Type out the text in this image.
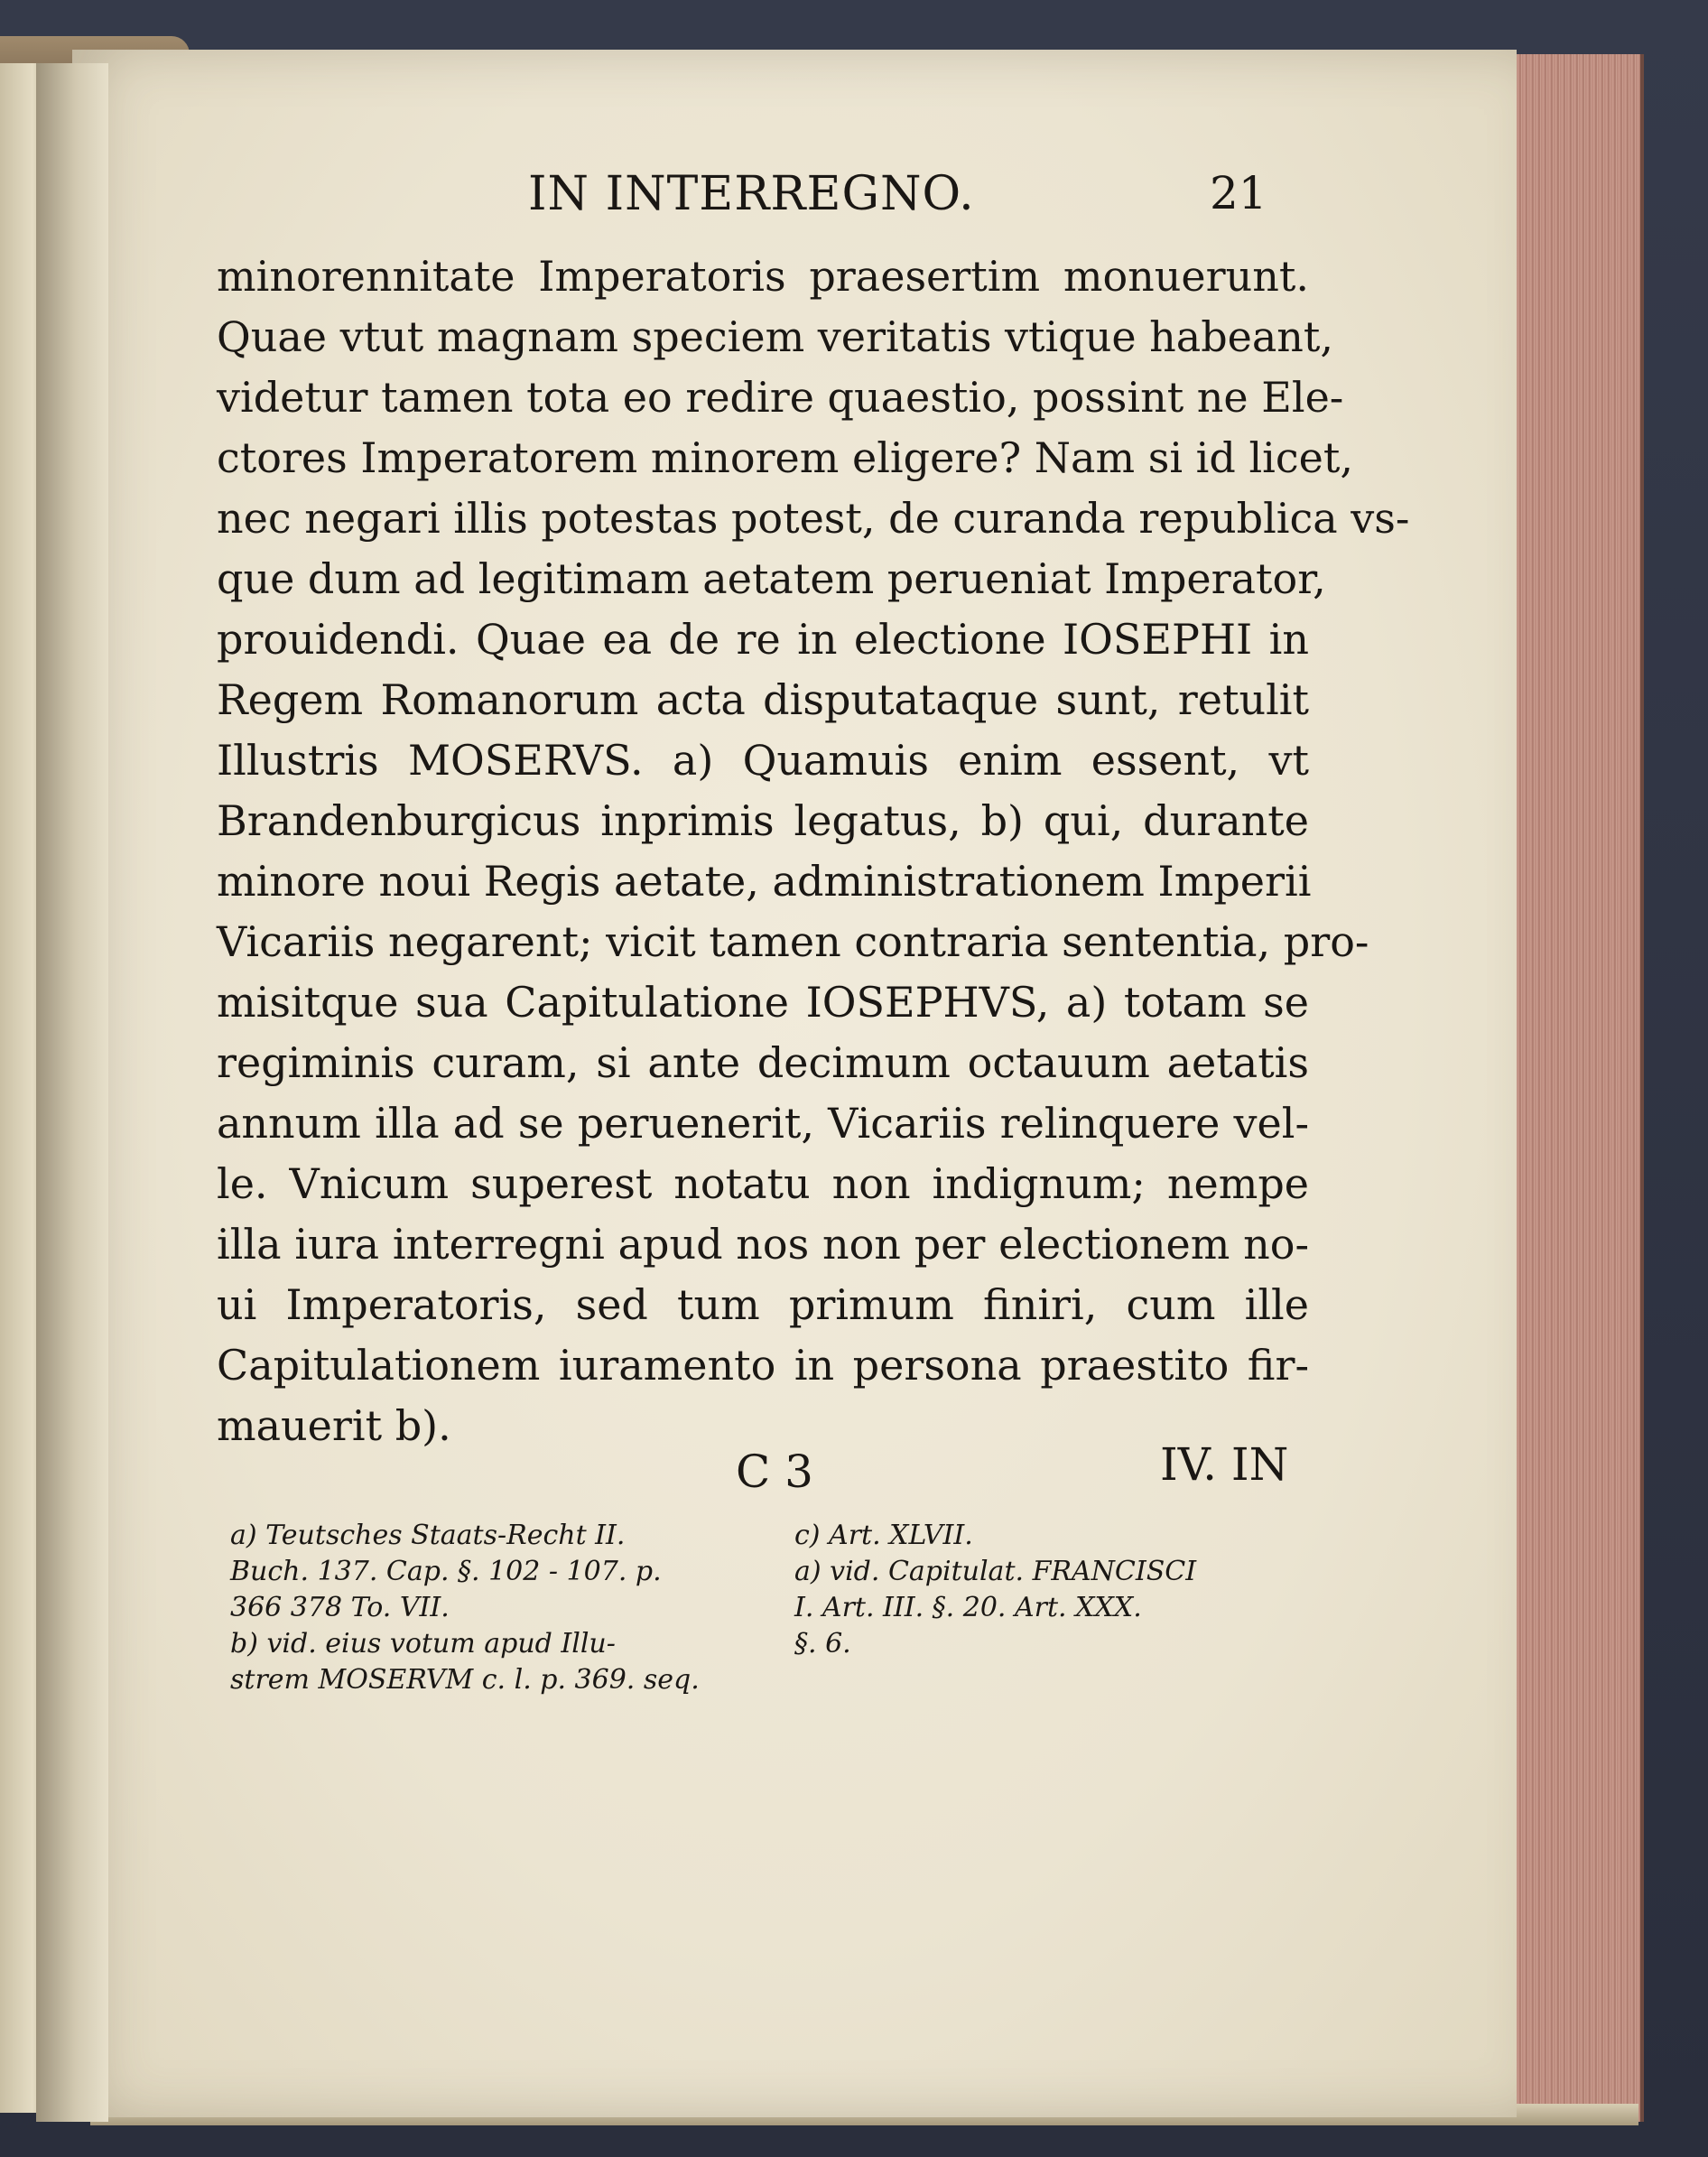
IN INTERREGNO.	21
minorennitate Imperatoris praesertim monuerunt.
Quae vtut magnam speciem veritatis vtique habeant,
videtur tamen tota eo redire quaestio, possint ne Ele-
ctores Imperatorem minorem eligere? Nam si id licet,
nec negari illis potestas potest, de curanda republica vs-
que dum ad legitimam aetatem perueniat Imperator,
prouidendi. Quae ea de re in electione IOSEPHI in
Regem Romanorum acta disputataque sunt, retulit
Illustris MOSERVS. a) Quamuis enim essent, vt
Brandenburgicus inprimis legatus, b) qui, durante
minore noui Regis aetate, administrationem Imperii
Vicariis negarent; vicit tamen contraria sententia, pro-
misitque sua Capitulatione IOSEPHVS, a) totam se
regiminis curam, si ante decimum octauum aetatis
annum illa ad se peruenerit, Vicariis relinquere vel-
le. Vnicum superest notatu non indignum; nempe
illa iura interregni apud nos non per electionem no-
ui Imperatoris, sed tum primum finiri, cum ille
Capitulationem iuramento in persona praestito fir-
mauerit b).
C 3	IV. IN
a) Teutsches Staats-Recht II.
Buch. 137. Cap. §. 102 - 107. p.
366 378 To. VII.
b) vid. eius votum apud Illu-
strem MOSERVM c. l. p. 369. seq.
c) Art. XLVII.
a) vid. Capitulat. FRANCISCI
I. Art. III. §. 20. Art. XXX.
§. 6.
